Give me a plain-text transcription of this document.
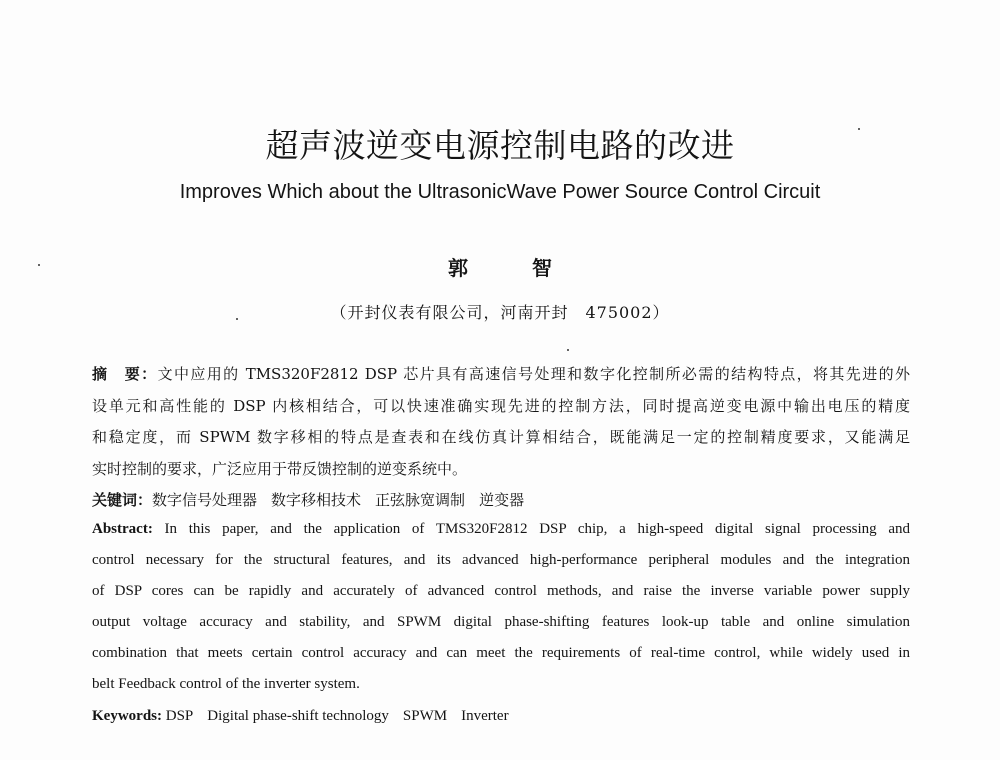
超声波逆变电源控制电路的改进
Improves Which about the UltrasonicWave Power Source Control Circuit
郭　智
（开封仪表有限公司，河南开封　475002）
摘　要：文中应用的 TMS320F2812 DSP 芯片具有高速信号处理和数字化控制所必需的结构特点，将其先进的外
设单元和高性能的 DSP 内核相结合，可以快速准确实现先进的控制方法，同时提高逆变电源中输出电压的精度
和稳定度，而 SPWM 数字移相的特点是查表和在线仿真计算相结合，既能满足一定的控制精度要求，又能满足
实时控制的要求，广泛应用于带反馈控制的逆变系统中。
关键词：数字信号处理器 数字移相技术 正弦脉宽调制 逆变器
Abstract: In this paper, and the application of TMS320F2812 DSP chip, a high-speed digital signal processing and
control necessary for the structural features, and its advanced high-performance peripheral modules and the integration
of DSP cores can be rapidly and accurately of advanced control methods, and raise the inverse variable power supply
output voltage accuracy and stability, and SPWM digital phase-shifting features look-up table and online simulation
combination that meets certain control accuracy and can meet the requirements of real-time control, while widely used in
belt Feedback control of the inverter system.
Keywords: DSP Digital phase-shift technology SPWM Inverter
